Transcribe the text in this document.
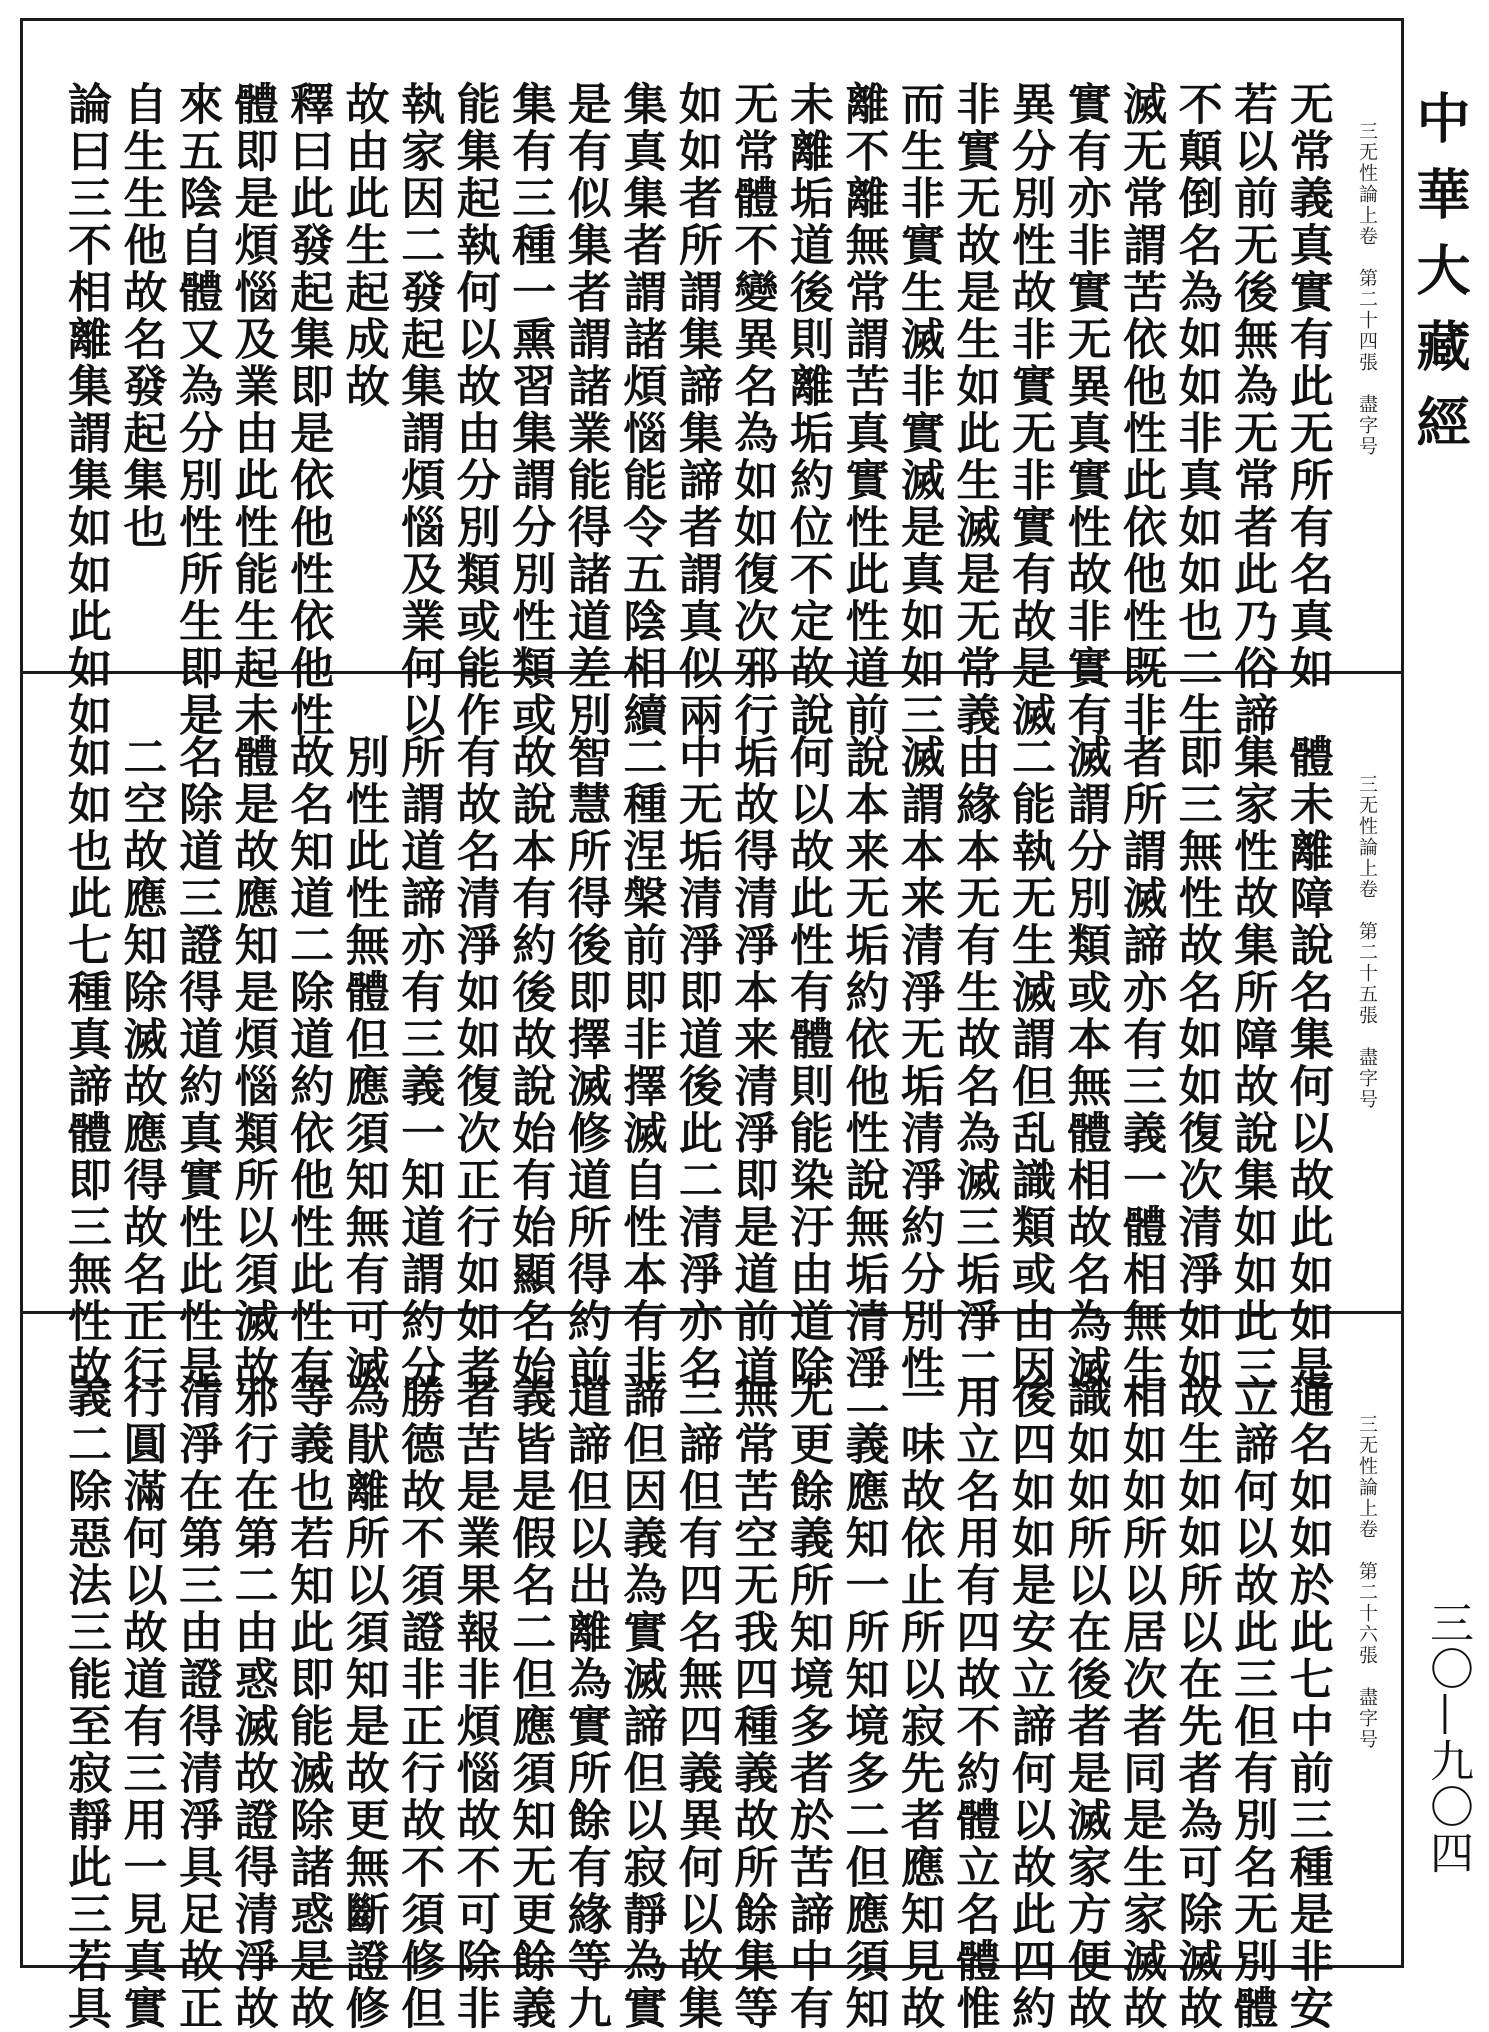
三无性論上卷　第二十四張　盡字号
无常義真實有此无所有名真如
若以前无後無為无常者此乃俗諦
不顛倒名為如如非真如如也二生
滅无常謂苦依他性此依他性既非
實有亦非實无異真實性故非實有
異分別性故非實无非實有故是滅
非實无故是生如此生滅是无常義
而生非實生滅非實滅是真如如三
離不離無常謂苦真實性此性道前
未離垢道後則離垢約位不定故說
无常體不變異名為如如復次邪行
如如者所謂集諦集諦者謂真似兩
集真集者謂諸煩惱能令五陰相續
是有似集者謂諸業能得諸道差別
集有三種一熏習集謂分別性類或
能集起執何以故由分別類或能作
執家因二發起集謂煩惱及業何以
故由此生起成故
釋曰此發起集即是依他性依他性
體即是煩惱及業由此性能生起未
來五陰自體又為分別性所生即是
自生生他故名發起集也
論曰三不相離集謂集如如此如如
三无性論上卷　第二十五張　盡字号
體未離障說名集何以故此如如是
集家性故集所障故說集如如此三
即三無性故名如如復次清淨如如
者所謂滅諦亦有三義一體相無生
滅謂分別類或本無體相故名為滅
二能執无生滅謂但乱識類或由因
由緣本无有生故名為滅三垢淨二
滅謂本来清淨无垢清淨約分別性
說本来无垢約依他性說無垢清淨
何以故此性有體則能染汙由道除
垢故得清淨本来清淨即是道前道
中无垢清淨即道後此二清淨亦名
二種涅槃前即非擇滅自性本有非
智慧所得後即擇滅修道所得約前
故說本有約後故說始有始顯名始
有故名清淨如如復次正行如如者
所謂道諦亦有三義一知道謂約分
別性此性無體但應須知無有可滅
故名知道二除道約依他性此性有
體是故應知是煩惱類所以須滅故
名除道三證得道約真實性此性是
二空故應知除滅故應得故名正行
如如也此七種真諦體即三無性故
三无性論上卷　第二十六張　盡字号
通名如如於此七中前三種是非安
立諦何以故此三但有別名无別體
故生如如所以在先者為可除滅故
相如如所以居次者同是生家滅故
識如如所以在後者是滅家方便故
後四如如是安立諦何以故此四約
用立名用有四故不約體立名體惟
一味故依止所以寂先者應知見故
二義應知一所知境多二但應須知
无更餘義所知境多者於苦諦中有
無常苦空无我四種義故所餘集等
三諦但有四名無四義異何以故集
諦但因義為實滅諦但以寂靜為實
道諦但以出離為實所餘有緣等九
義皆是假名二但應須知无更餘義
者苦是業果報非煩惱故不可除非
勝德故不須證非正行故不須修但
為猒離所以須知是故更無斷證修
等義也若知此即能滅除諸惑是故
邪行在第二由惑滅故證得清淨故
清淨在第三由證得清淨具足故正
行圓滿何以故道有三用一見真實
義二除惡法三能至寂靜此三若具
中華大藏經
三〇—九〇四
